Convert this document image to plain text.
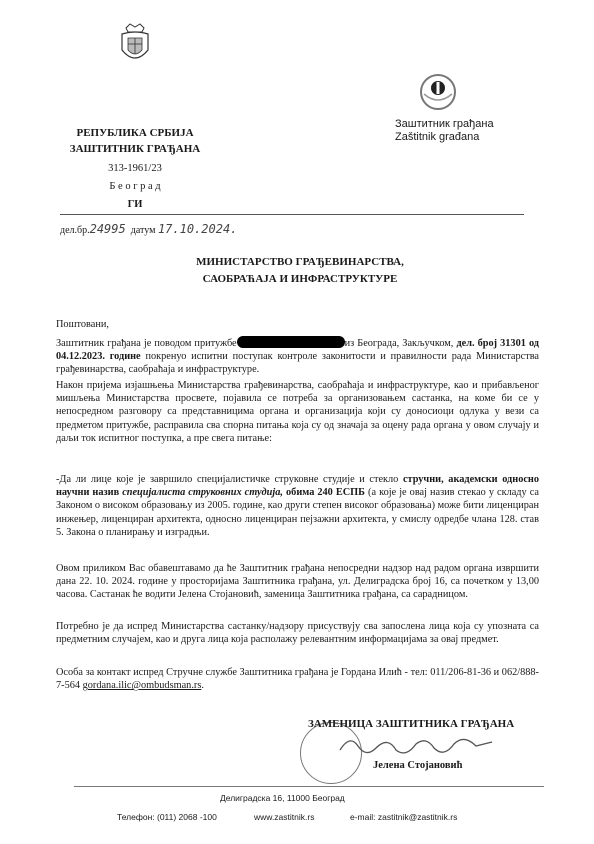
РЕПУБЛИКА СРБИЈА
ЗАШТИТНИК ГРАЂАНА
313-1961/23
Б е о г р а д
ГИ
Заштитник грађана
Zaštitnik građana
дел.бр.24995 датум 17.10.2024.
МИНИСТАРСТВО ГРАЂЕВИНАРСТВА,
САОБРАЋАЈА И ИНФРАСТРУКТУРЕ
Поштовани,

Заштитник грађана је поводом притужбе	из Београда, Закључком, дел. број 31301 од 04.12.2023. године покренуо испитни поступак контроле законитости и правилности рада Министарства грађевинарства, саобраћаја и инфраструктуре.

Након пријема изјашњења Министарства грађевинарства, саобраћаја и инфраструктуре, као и прибављеног мишљења Министарства просвете, појавила се потреба за организовањем састанка, на коме би се у непосредном разговору са представницима органа и организација који су доносиоци одлука у вези са предметом притужбе, расправила сва спорна питања која су од значаја за оцену рада органа у овом случају и даљи ток испитног поступка, а пре свега питање:

-Да ли лице које је завршило специјалистичке струковне студије и стекло стручни, академски односно научни назив специјалиста струковних студија, обима 240 ЕСПБ (а које је овај назив стекао у складу са Законом о високом образовању из 2005. године, као други степен високог образовања) може бити лиценциран инжењер, лиценциран архитекта, односно лиценциран пејзажни архитекта, у смислу одредбе члана 128. став 5. Закона о планирању и изградњи.

Овом приликом Вас обавештавамо да ће Заштитник грађана непосредни надзор над радом органа извршити дана 22. 10. 2024. године у просторијама Заштитника грађана, ул. Делиградска број 16, са почетком у 13,00 часова. Састанак ће водити Јелена Стојановић, заменица Заштитника грађана, са сарадницом.
Потребно је да испред Министарства састанку/надзору присуствују сва запослена лица која су упознатa са предметним случајем, као и друга лица која располажу релевантним информацијама за овај предмет.

Особа за контакт испред Стручне службе Заштитника грађана је Гордана Илић - тел: 011/206-81-36 и 062/888-7-564 gordana.ilic@ombudsman.rs.

ЗАМЕНИЦА ЗАШТИТНИКА ГРАЂАНА
Јелена Стојановић
Делиградска 16, 11000 Београд
Телефон: (011) 2068 -100	www.zastitnik.rs	e-mail: zastitnik@zastitnik.rs
